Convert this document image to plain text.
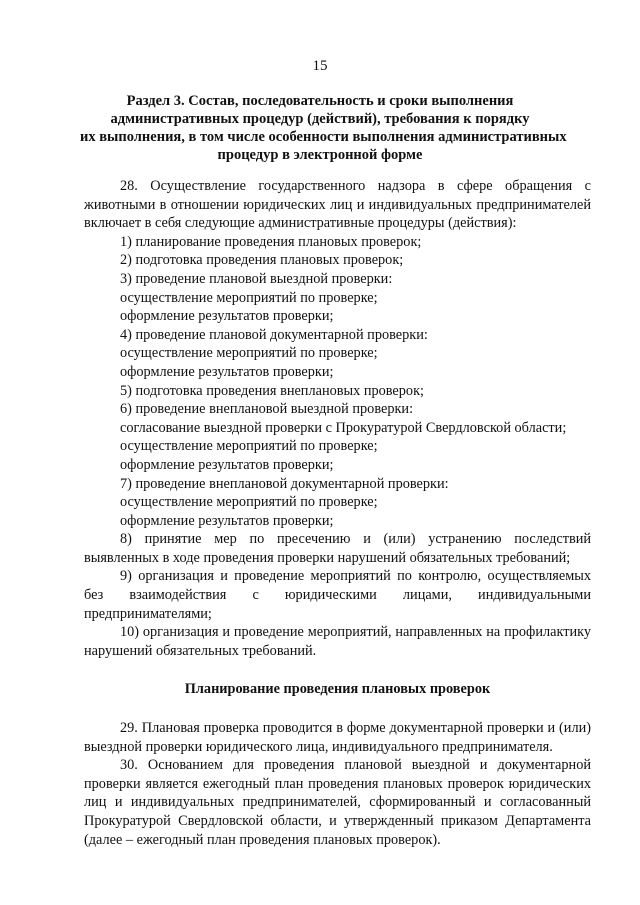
15
Раздел 3. Состав, последовательность и сроки выполнения
административных процедур (действий), требования к порядку
их выполнения, в том числе особенности выполнения административных
процедур в электронной форме

28. Осуществление государственного надзора в сфере обращения с животными в отношении юридических лиц и индивидуальных предпринимателей включает в себя следующие административные процедуры (действия):

1) планирование проведения плановых проверок;
2) подготовка проведения плановых проверок;
3) проведение плановой выездной проверки:
осуществление мероприятий по проверке;
оформление результатов проверки;
4) проведение плановой документарной проверки:
осуществление мероприятий по проверке;
оформление результатов проверки;
5) подготовка проведения внеплановых проверок;
6) проведение внеплановой выездной проверки:
согласование выездной проверки с Прокуратурой Свердловской области;
осуществление мероприятий по проверке;
оформление результатов проверки;
7) проведение внеплановой документарной проверки:
осуществление мероприятий по проверке;
оформление результатов проверки;

8) принятие мер по пресечению и (или) устранению последствий выявленных в ходе проведения проверки нарушений обязательных требований;

9) организация и проведение мероприятий по контролю, осуществляемых без взаимодействия с юридическими лицами, индивидуальными предпринимателями;

10) организация и проведение мероприятий, направленных на профилактику нарушений обязательных требований.

Планирование проведения плановых проверок

29. Плановая проверка проводится в форме документарной проверки и (или) выездной проверки юридического лица, индивидуального предпринимателя.

30. Основанием для проведения плановой выездной и документарной проверки является ежегодный план проведения плановых проверок юридических лиц и индивидуальных предпринимателей, сформированный и согласованный Прокуратурой Свердловской области, и утвержденный приказом Департамента (далее – ежегодный план проведения плановых проверок).
